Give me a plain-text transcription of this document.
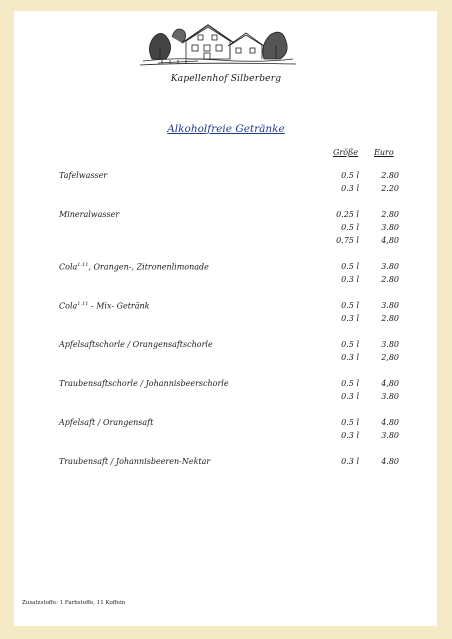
Kapellenhof Silberberg
Alkoholfreie Getränke
Größe Euro
Tafelwasser	0.5 l	2.80
0.3 l	2.20
Mineralwasser	0.25 l	2.80
0.5 l	3.80
0.75 l	4,80
Cola$^{1,11}$, Orangen-, Zitronenlimonade	0.5 l	3.80
0.3 l	2.80
Cola$^{1,11}$ - Mix- Getränk	0.5 l	3.80
0.3 l	2.80
Apfelsaftschorle / Orangensaftschorle	0.5 l	3.80
0.3 l	2,80
Traubensaftschorle / Johannisbeerschorle	0.5 l	4,80
0.3 l	3.80
Apfelsaft / Orangensaft	0.5 l	4.80
0.3 l	3.80
Traubensaft / Johannisbeeren-Nektar	0.3 l	4.80
Zusatzstoffe: 1 Farbstoffe, 11 Koffein
